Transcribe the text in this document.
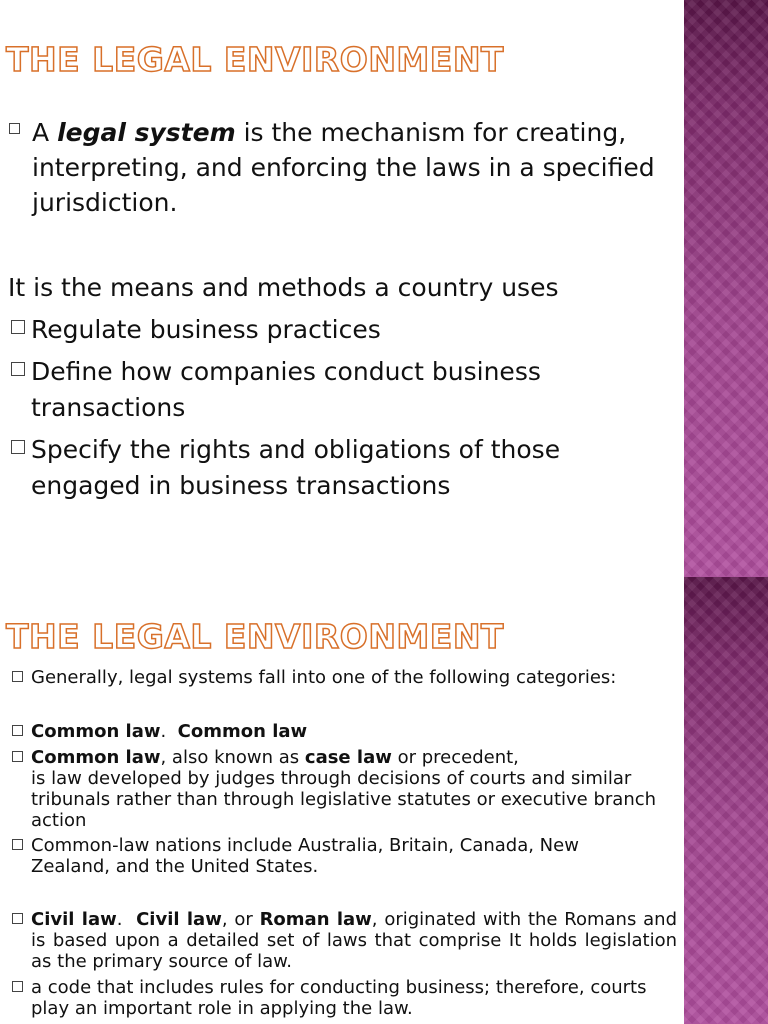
THE LEGAL ENVIRONMENT

A legal system is the mechanism for creating, interpreting, and enforcing the laws in a specified jurisdiction.

It is the means and methods a country uses

Regulate business practices

Define how companies conduct business transactions

Specify the rights and obligations of those engaged in business transactions

THE LEGAL ENVIRONMENT

Generally, legal systems fall into one of the following categories:

Common law.  Common law

Common law, also known as case law or precedent,
is law developed by judges through decisions of courts and similar tribunals rather than through legislative statutes or executive branch action

Common-law nations include Australia, Britain, Canada, New Zealand, and the United States.

Civil law.  Civil law, or Roman law, originated with the Romans and is based upon a detailed set of laws that comprise It holds legislation as the primary source of law.

a code that includes rules for conducting business; therefore, courts play an important role in applying the law.
